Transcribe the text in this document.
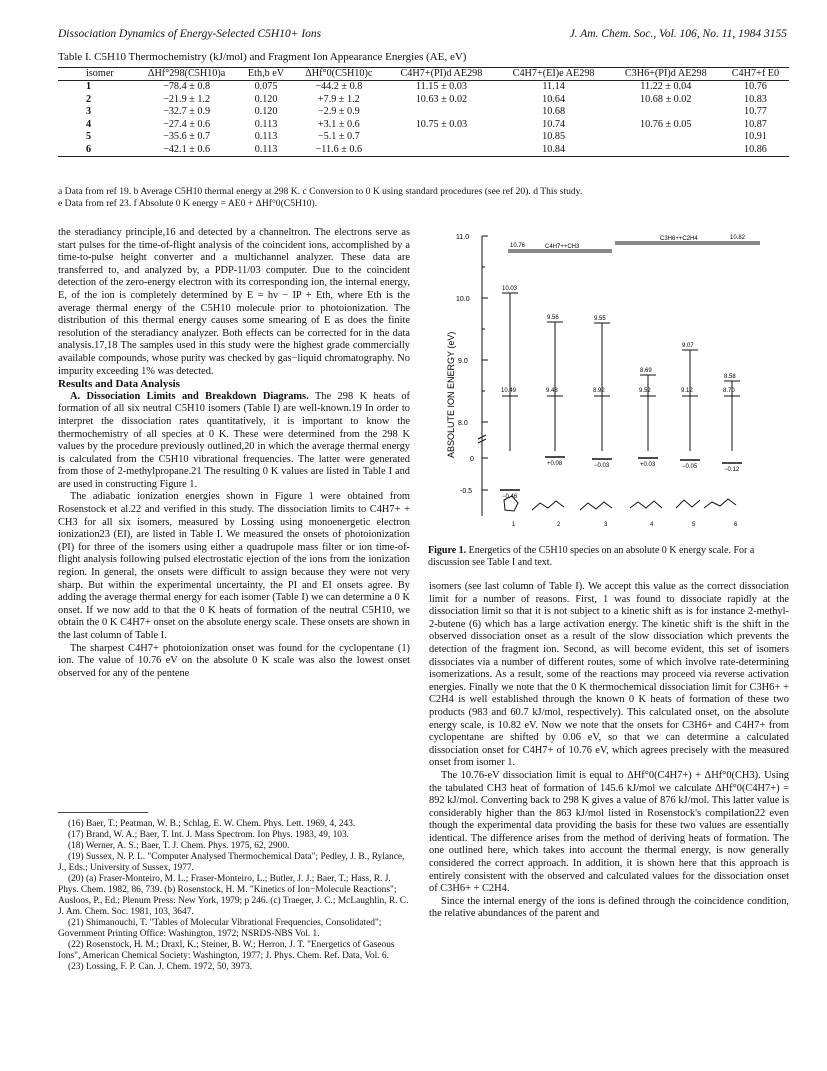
Dissociation Dynamics of Energy-Selected C5H10+ Ions	J. Am. Chem. Soc., Vol. 106, No. 11, 1984 3155
Table I. C5H10 Thermochemistry (kJ/mol) and Fragment Ion Appearance Energies (AE, eV)
isomer	ΔHf°298(C5H10)a	Eth,b eV	ΔHf°0(C5H10)c	C4H7+(PI)d AE298	C4H7+(EI)e AE298	C3H6+(PI)d AE298	C4H7+f E0
1	−78.4 ± 0.8	0.075	−44.2 ± 0.8	11.15 ± 0.03	11.14	11.22 ± 0.04	10.76
2	−21.9 ± 1.2	0.120	+7.9 ± 1.2	10.63 ± 0.02	10.64	10.68 ± 0.02	10.83
3	−32.7 ± 0.9	0.120	−2.9 ± 0.9		10.68		10.77
4	−27.4 ± 0.6	0.113	+3.1 ± 0.6	10.75 ± 0.03	10.74	10.76 ± 0.05	10.87
5	−35.6 ± 0.7	0.113	−5.1 ± 0.7		10.85		10.91
6	−42.1 ± 0.6	0.113	−11.6 ± 0.6		10.84		10.86
a Data from ref 19. b Average C5H10 thermal energy at 298 K. c Conversion to 0 K using standard procedures (see ref 20). d This study.
e Data from ref 23. f Absolute 0 K energy = AE0 + ΔHf°0(C5H10).

the steradiancy principle,16 and detected by a channeltron. The electrons serve as start pulses for the time-of-flight analysis of the coincident ions, accomplished by a time-to-pulse height converter and a multichannel analyzer. These data are transferred to, and analyzed by, a PDP-11/03 computer. Due to the coincident detection of the zero-energy electron with its corresponding ion, the internal energy, E, of the ion is completely determined by E = hν − IP + Eth, where Eth is the average thermal energy of the C5H10 molecule prior to photoionization. The distribution of this thermal energy causes some smearing of E as does the finite resolution of the steradiancy analyzer. Both effects can be corrected for in the data analysis.17,18 The samples used in this study were the highest grade commercially available compounds, whose purity was checked by gas−liquid chromatography. No impurity exceeding 1% was detected.

Results and Data Analysis

A. Dissociation Limits and Breakdown Diagrams. The 298 K heats of formation of all six neutral C5H10 isomers (Table I) are well-known.19 In order to interpret the dissociation rates quantitatively, it is important to know the thermochemistry of all species at 0 K. These were determined from the 298 K values by the procedure previously outlined,20 in which the average thermal energy is calculated from the C5H10 vibrational frequencies. The latter were generated from those of 2-methylpropane.21 The resulting 0 K values are listed in Table I and are used in constructing Figure 1.

The adiabatic ionization energies shown in Figure 1 were obtained from Rosenstock et al.22 and verified in this study. The dissociation limits to C4H7+ + CH3 for all six isomers, measured by Lossing using monoenergetic electron ionization23 (EI), are listed in Table I. We measured the onsets of photoionization (PI) for three of the isomers using either a quadrupole mass filter or ion time-of-flight analysis following pulsed electrostatic ejection of the ions from the ionization region. In general, the onsets were difficult to assign because they were not very sharp. But within the experimental uncertainty, the PI and EI onsets agree. By adding the average thermal energy for each isomer (Table I) we can determine a 0 K onset. If we now add to that the 0 K heats of formation of the neutral C5H10, we obtain the 0 K C4H7+ onset on the absolute energy scale. These onsets are shown in the last column of Table I.

The sharpest C4H7+ photoionization onset was found for the cyclopentane (1) ion. The value of 10.76 eV on the absolute 0 K scale was also the lowest onset observed for any of the pentene

(16) Baer, T.; Peatman, W. B.; Schlag, E. W. Chem. Phys. Lett. 1969, 4, 243.
(17) Brand, W. A.; Baer, T. Int. J. Mass Spectrom. Ion Phys. 1983, 49, 103.
(18) Werner, A. S.; Baer, T. J. Chem. Phys. 1975, 62, 2900.
(19) Sussex, N. P. L. "Computer Analysed Thermochemical Data"; Pedley, J. B., Rylance, J., Eds.; University of Sussex, 1977.
(20) (a) Fraser-Monteiro, M. L.; Fraser-Monteiro, L.; Butler, J. J.; Baer, T.; Hass, R. J. Phys. Chem. 1982, 86, 739. (b) Rosenstock, H. M. "Kinetics of Ion−Molecule Reactions"; Ausloos, P., Ed.; Plenum Press: New York, 1979; p 246. (c) Traeger, J. C.; McLaughlin, R. C. J. Am. Chem. Soc. 1981, 103, 3647.
(21) Shimanouchi, T. "Tables of Molecular Vibrational Frequencies, Consolidated"; Government Printing Office: Washington, 1972; NSRDS-NBS Vol. 1.
(22) Rosenstock, H. M.; Draxl, K.; Steiner, B. W.; Herron, J. T. "Energetics of Gaseous Ions", American Chemical Society: Washington, 1977; J. Phys. Chem. Ref. Data, Vol. 6.
(23) Lossing, F. P. Can. J. Chem. 1972, 50, 3973.
ABSOLUTE ION ENERGY (eV)
11.0
10.0
9.0
8.0
0
-0.5
10.76	C4H7++CH3
10.82
C3H6++C2H4
10.03
10.49
−0.46
1
9.56
9.48
+0.08
2
9.55
8.92
−0.03
3
8.69
9.52
+0.03
4
9.07
9.12
−0.05
5
8.58
8.70
−0.12
6
Figure 1. Energetics of the C5H10 species on an absolute 0 K energy scale. For a discussion see Table I and text.

isomers (see last column of Table I). We accept this value as the correct dissociation limit for a number of reasons. First, 1 was found to dissociate rapidly at the dissociation limit so that it is not subject to a kinetic shift as is for instance 2-methyl-2-butene (6) which has a large activation energy. The kinetic shift is the shift in the observed dissociation onset as a result of the slow dissociation which prevents the detection of the fragment ion. Second, as will become evident, this set of isomers dissociates via a number of different routes, some of which involve rate-determining isomerizations. As a result, some of the reactions may proceed via reverse activation energies. Finally we note that the 0 K thermochemical dissociation limit for C3H6+ + C2H4 is well established through the known 0 K heats of formation of these two products (983 and 60.7 kJ/mol, respectively). This calculated onset, on the absolute energy scale, is 10.82 eV. Now we note that the onsets for C3H6+ and C4H7+ from cyclopentane are shifted by 0.06 eV, so that we can determine a calculated dissociation onset for C4H7+ of 10.76 eV, which agrees precisely with the measured onset from isomer 1.

The 10.76-eV dissociation limit is equal to ΔHf°0(C4H7+) + ΔHf°0(CH3). Using the tabulated CH3 heat of formation of 145.6 kJ/mol we calculate ΔHf°0(C4H7+) = 892 kJ/mol. Converting back to 298 K gives a value of 876 kJ/mol. This latter value is considerably higher than the 863 kJ/mol listed in Rosenstock's compilation22 even though the experimental data providing the basis for these two values are essentially identical. The difference arises from the method of deriving heats of formation. The one outlined here, which takes into account the thermal energy, is now generally considered the correct approach. In addition, it is shown here that this approach is entirely consistent with the observed and calculated values for the dissociation onset of C3H6+ + C2H4.

Since the internal energy of the ions is defined through the coincidence condition, the relative abundances of the parent and
